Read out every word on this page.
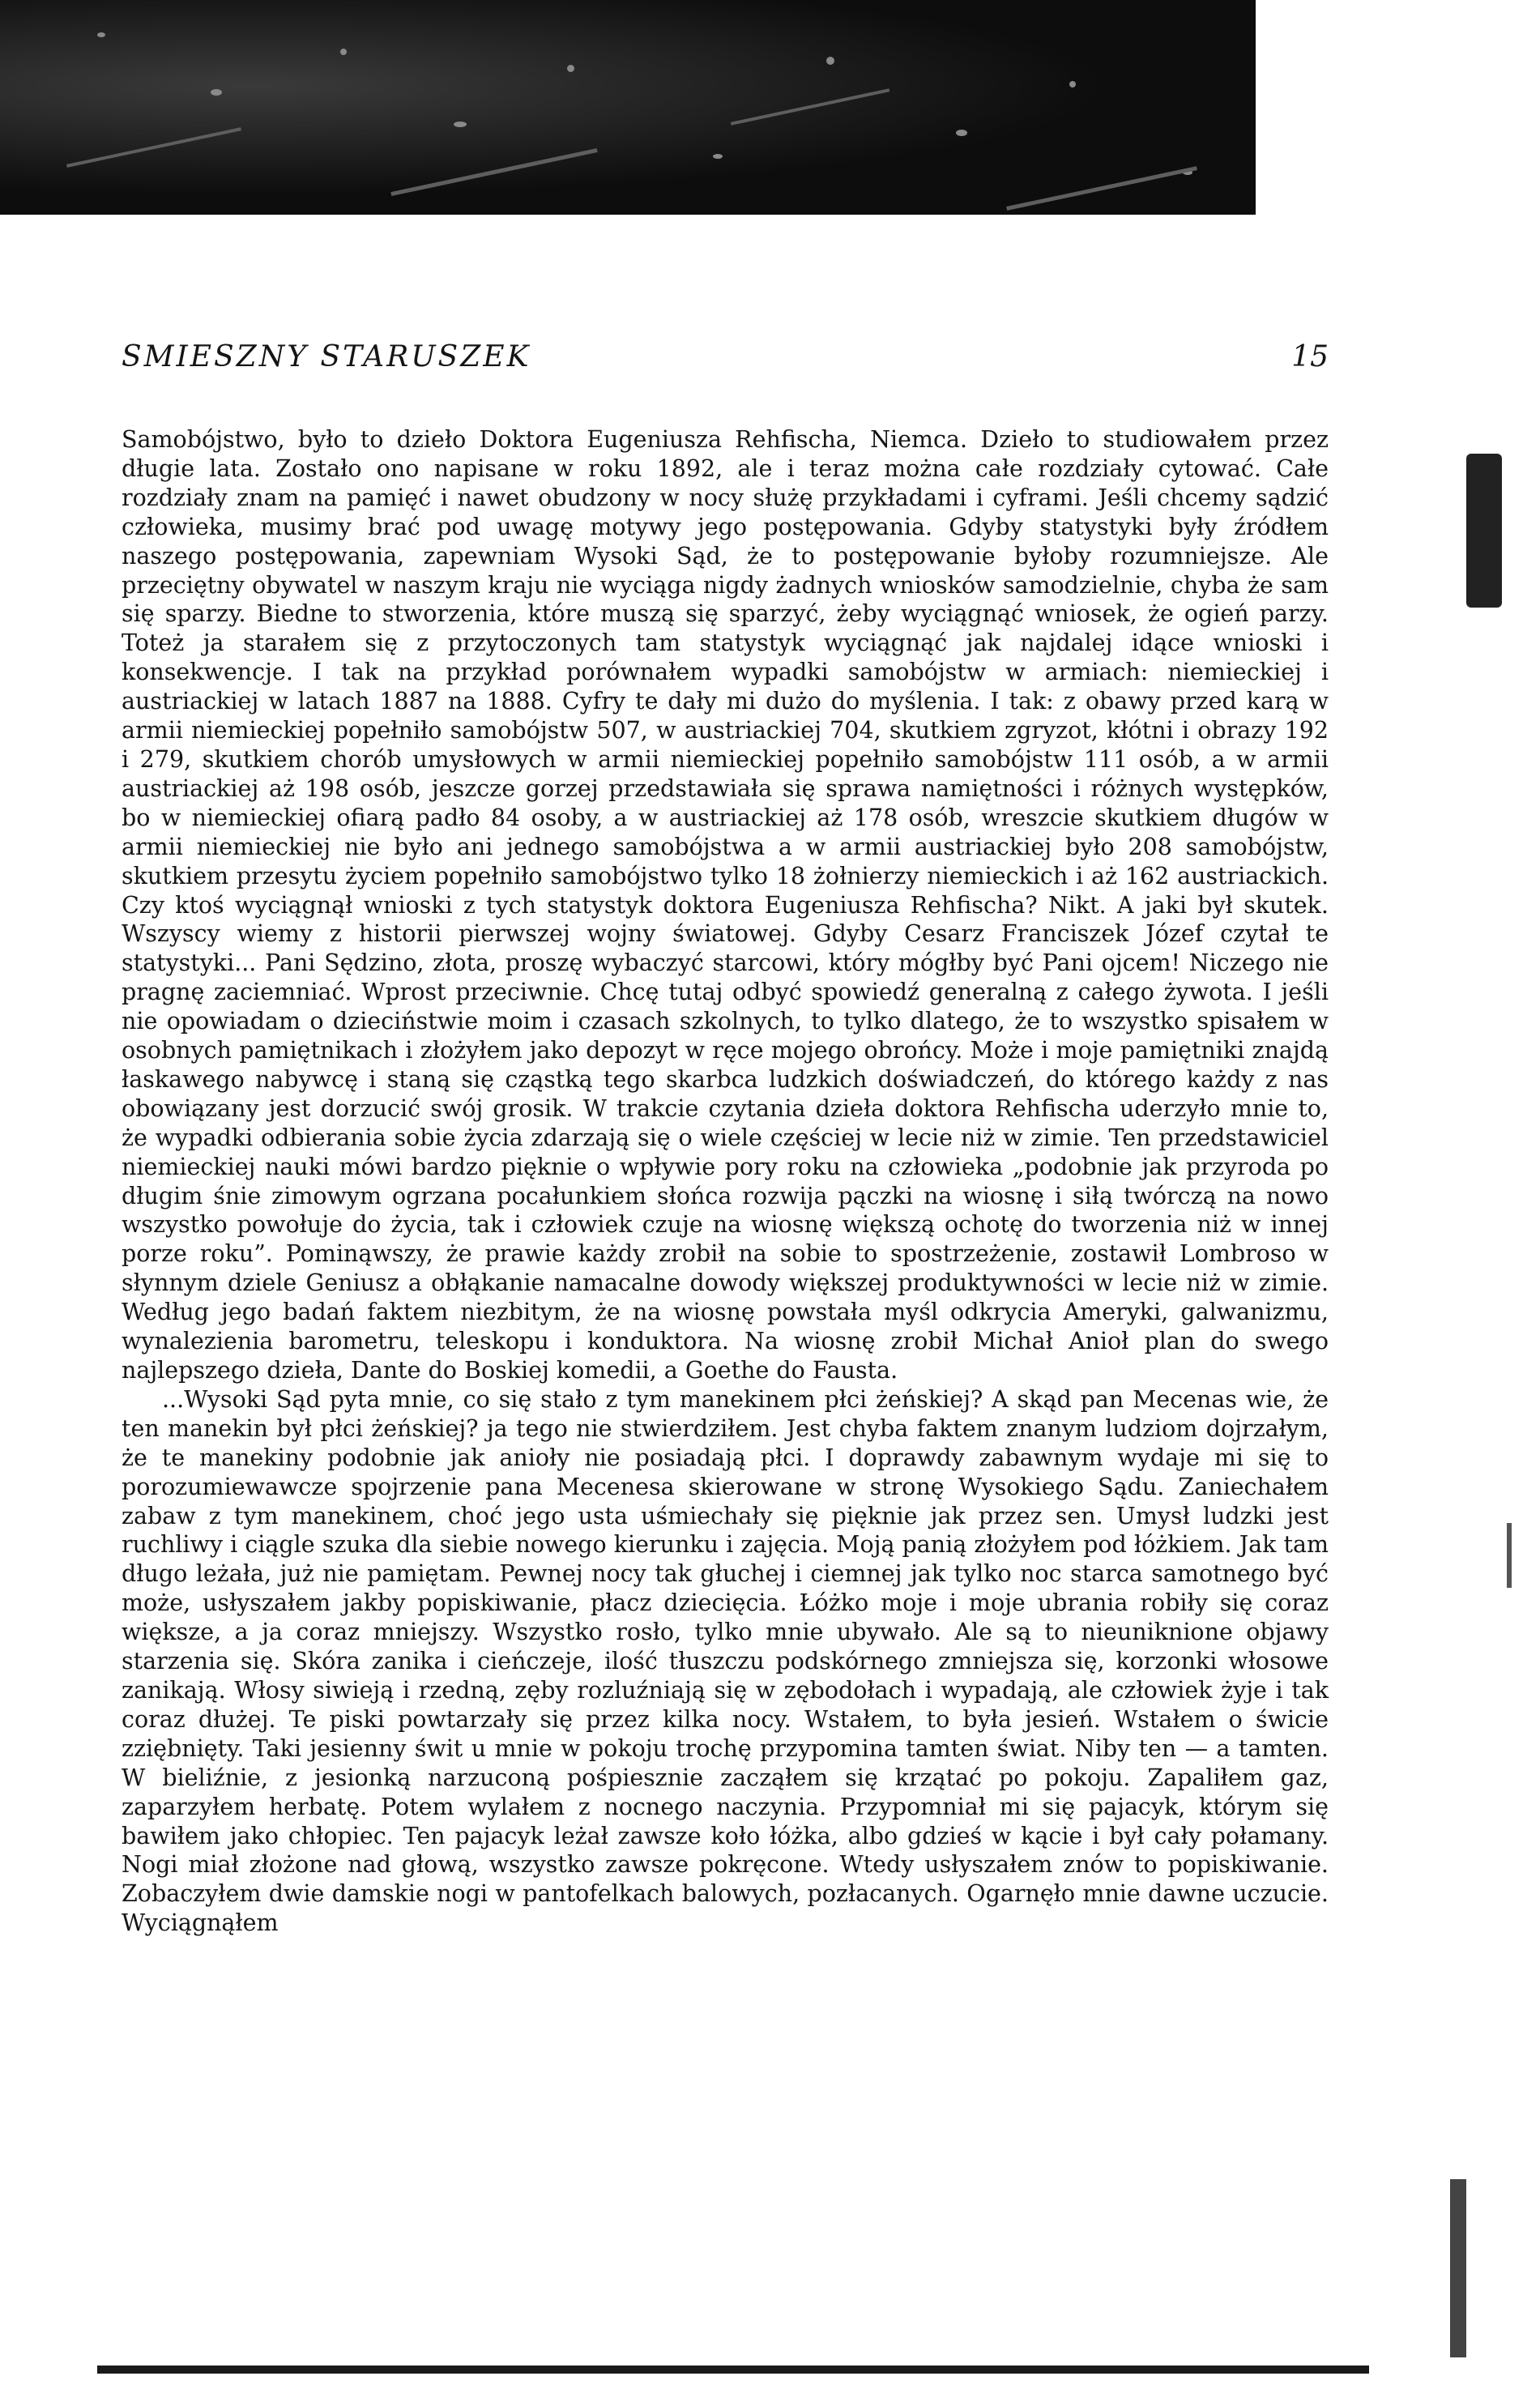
SMIESZNY STARUSZEK	15

Samobójstwo, było to dzieło Doktora Eugeniusza Rehfischa, Niemca. Dzieło to studiowałem przez długie lata. Zostało ono napisane w roku 1892, ale i teraz można całe rozdziały cytować. Całe rozdziały znam na pamięć i nawet obudzony w nocy służę przykładami i cyframi. Jeśli chcemy sądzić człowieka, musimy brać pod uwagę motywy jego postępowania. Gdyby statystyki były źródłem naszego postępowania, zapewniam Wysoki Sąd, że to postępowanie byłoby rozumniejsze. Ale przeciętny obywatel w naszym kraju nie wyciąga nigdy żadnych wniosków samodzielnie, chyba że sam się sparzy. Biedne to stworzenia, które muszą się sparzyć, żeby wyciągnąć wniosek, że ogień parzy. Toteż ja starałem się z przytoczonych tam statystyk wyciągnąć jak najdalej idące wnioski i konsekwencje. I tak na przykład porównałem wypadki samobójstw w armiach: niemieckiej i austriackiej w latach 1887 na 1888. Cyfry te dały mi dużo do myślenia. I tak: z obawy przed karą w armii niemieckiej popełniło samobójstw 507, w austriackiej 704, skutkiem zgryzot, kłótni i obrazy 192 i 279, skutkiem chorób umysłowych w armii niemieckiej popełniło samobójstw 111 osób, a w armii austriackiej aż 198 osób, jeszcze gorzej przedstawiała się sprawa namiętności i różnych występków, bo w niemieckiej ofiarą padło 84 osoby, a w austriackiej aż 178 osób, wreszcie skutkiem długów w armii niemieckiej nie było ani jednego samobójstwa a w armii austriackiej było 208 samobójstw, skutkiem przesytu życiem popełniło samobójstwo tylko 18 żołnierzy niemieckich i aż 162 austriackich. Czy ktoś wyciągnął wnioski z tych statystyk doktora Eugeniusza Rehfischa? Nikt. A jaki był skutek. Wszyscy wiemy z historii pierwszej wojny światowej. Gdyby Cesarz Franciszek Józef czytał te statystyki... Pani Sędzino, złota, proszę wybaczyć starcowi, który mógłby być Pani ojcem! Niczego nie pragnę zaciemniać. Wprost przeciwnie. Chcę tutaj odbyć spowiedź generalną z całego żywota. I jeśli nie opowiadam o dzieciństwie moim i czasach szkolnych, to tylko dlatego, że to wszystko spisałem w osobnych pamiętnikach i złożyłem jako depozyt w ręce mojego obrońcy. Może i moje pamiętniki znajdą łaskawego nabywcę i staną się cząstką tego skarbca ludzkich doświadczeń, do którego każdy z nas obowiązany jest dorzucić swój grosik. W trakcie czytania dzieła doktora Rehfischa uderzyło mnie to, że wypadki odbierania sobie życia zdarzają się o wiele częściej w lecie niż w zimie. Ten przedstawiciel niemieckiej nauki mówi bardzo pięknie o wpływie pory roku na człowieka „podobnie jak przyroda po długim śnie zimowym ogrzana pocałunkiem słońca rozwija pączki na wiosnę i siłą twórczą na nowo wszystko powołuje do życia, tak i człowiek czuje na wiosnę większą ochotę do tworzenia niż w innej porze roku”. Pominąwszy, że prawie każdy zrobił na sobie to spostrzeżenie, zostawił Lombroso w słynnym dziele Geniusz a obłąkanie namacalne dowody większej produktywności w lecie niż w zimie. Według jego badań faktem niezbitym, że na wiosnę powstała myśl odkrycia Ameryki, galwanizmu, wynalezienia barometru, teleskopu i konduktora. Na wiosnę zrobił Michał Anioł plan do swego najlepszego dzieła, Dante do Boskiej komedii, a Goethe do Fausta.

...Wysoki Sąd pyta mnie, co się stało z tym manekinem płci żeńskiej? A skąd pan Mecenas wie, że ten manekin był płci żeńskiej? ja tego nie stwierdziłem. Jest chyba faktem znanym ludziom dojrzałym, że te manekiny podobnie jak anioły nie posiadają płci. I doprawdy zabawnym wydaje mi się to porozumiewawcze spojrzenie pana Mecenesa skierowane w stronę Wysokiego Sądu. Zaniechałem zabaw z tym manekinem, choć jego usta uśmiechały się pięknie jak przez sen. Umysł ludzki jest ruchliwy i ciągle szuka dla siebie nowego kierunku i zajęcia. Moją panią złożyłem pod łóżkiem. Jak tam długo leżała, już nie pamiętam. Pewnej nocy tak głuchej i ciemnej jak tylko noc starca samotnego być może, usłyszałem jakby popiskiwanie, płacz dziecięcia. Łóżko moje i moje ubrania robiły się coraz większe, a ja coraz mniejszy. Wszystko rosło, tylko mnie ubywało. Ale są to nieuniknione objawy starzenia się. Skóra zanika i cieńczeje, ilość tłuszczu podskórnego zmniejsza się, korzonki włosowe zanikają. Włosy siwieją i rzedną, zęby rozluźniają się w zębodołach i wypadają, ale człowiek żyje i tak coraz dłużej. Te piski powtarzały się przez kilka nocy. Wstałem, to była jesień. Wstałem o świcie zziębnięty. Taki jesienny świt u mnie w pokoju trochę przypomina tamten świat. Niby ten — a tamten. W bieliźnie, z jesionką narzuconą pośpiesznie zacząłem się krzątać po pokoju. Zapaliłem gaz, zaparzyłem herbatę. Potem wylałem z nocnego naczynia. Przypomniał mi się pajacyk, którym się bawiłem jako chłopiec. Ten pajacyk leżał zawsze koło łóżka, albo gdzieś w kącie i był cały połamany. Nogi miał złożone nad głową, wszystko zawsze pokręcone. Wtedy usłyszałem znów to popiskiwanie. Zobaczyłem dwie damskie nogi w pantofelkach balowych, pozłacanych. Ogarnęło mnie dawne uczucie. Wyciągnąłem
